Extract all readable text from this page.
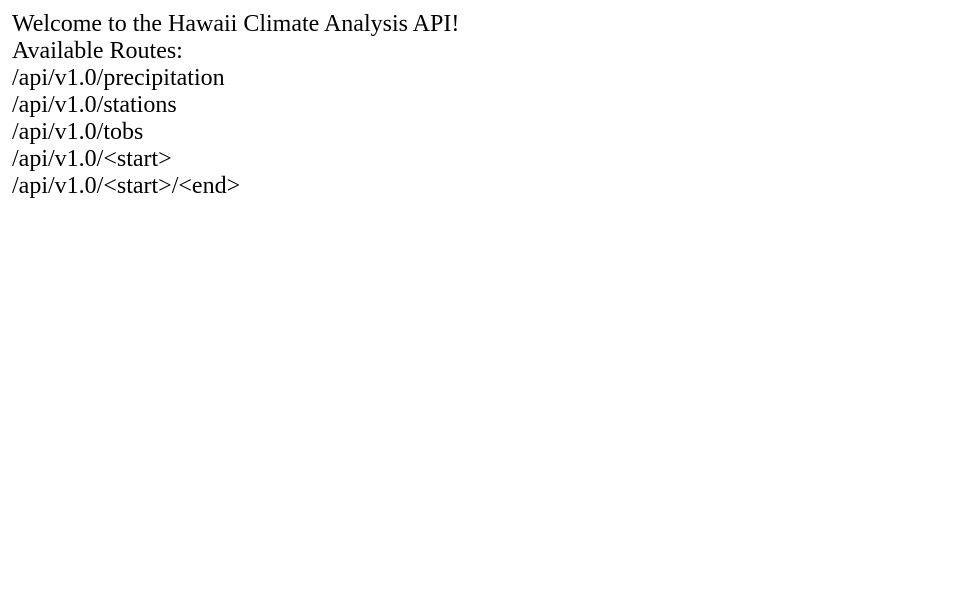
Welcome to the Hawaii Climate Analysis API!
Available Routes:
/api/v1.0/precipitation
/api/v1.0/stations
/api/v1.0/tobs
/api/v1.0/<start>
/api/v1.0/<start>/<end>
